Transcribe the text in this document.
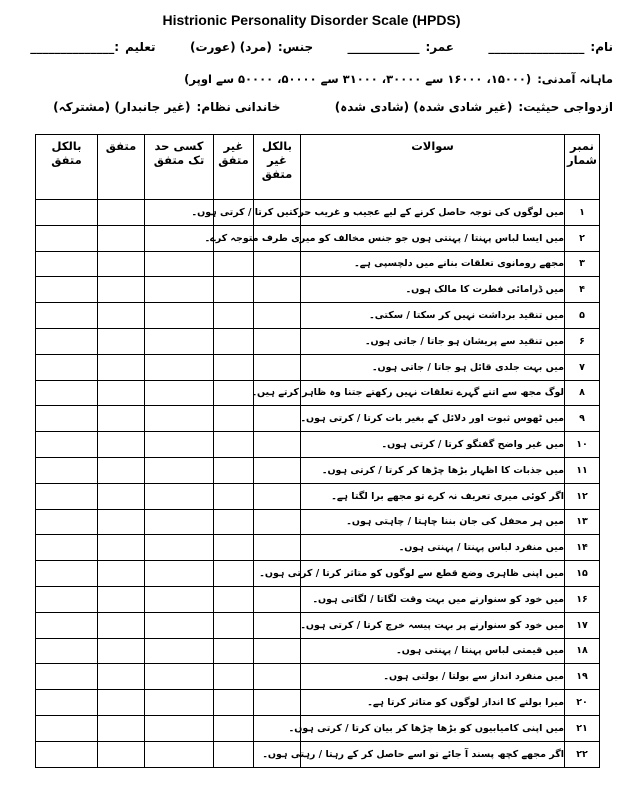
Histrionic Personality Disorder Scale (HPDS)
نام:________________  عمر:____________  جنس:(مرد) (عورت)  تعلیم:______________
ماہانہ آمدنی:(۱۵۰۰۰، ۱۶۰۰۰ سے ۳۰۰۰۰، ۳۱۰۰۰ سے ۵۰۰۰۰، ۵۰۰۰۰ سے اوپر)
ازدواجی حیثیت:(غیر شادی شدہ) (شادی شدہ)  خاندانی نظام:(غیر جانبدار) (مشترکہ)
نمبر شمار	سوالات	بالکل غیر متفق	غیر متفق	کسی حد تک متفق	متفق	بالکل متفق
۱	میں لوگوں کی توجہ حاصل کرنے کے لیے عجیب و غریب حرکتیں کرتا / کرتی ہوں۔					
۲	میں ایسا لباس پہنتا / پہنتی ہوں جو جنس مخالف کو میری طرف متوجہ کرے۔					
۳	مجھے رومانوی تعلقات بنانے میں دلچسپی ہے۔					
۴	میں ڈرامائی فطرت کا مالک ہوں۔					
۵	میں تنقید برداشت نہیں کر سکتا / سکتی۔					
۶	میں تنقید سے پریشان ہو جاتا / جاتی ہوں۔					
۷	میں بہت جلدی قائل ہو جاتا / جاتی ہوں۔					
۸	لوگ مجھ سے اتنے گہرے تعلقات نہیں رکھتے جتنا وہ ظاہر کرتے ہیں۔					
۹	میں ٹھوس ثبوت اور دلائل کے بغیر بات کرتا / کرتی ہوں۔					
۱۰	میں غیر واضح گفتگو کرتا / کرتی ہوں۔					
۱۱	میں جذبات کا اظہار بڑھا چڑھا کر کرتا / کرتی ہوں۔					
۱۲	اگر کوئی میری تعریف نہ کرے تو مجھے برا لگتا ہے۔					
۱۳	میں ہر محفل کی جان بننا چاہتا / چاہتی ہوں۔					
۱۴	میں منفرد لباس پہنتا / پہنتی ہوں۔					
۱۵	میں اپنی ظاہری وضع قطع سے لوگوں کو متاثر کرتا / کرتی ہوں۔					
۱۶	میں خود کو سنوارنے میں بہت وقت لگاتا / لگاتی ہوں۔					
۱۷	میں خود کو سنوارنے پر بہت پیسہ خرچ کرتا / کرتی ہوں۔					
۱۸	میں قیمتی لباس پہنتا / پہنتی ہوں۔					
۱۹	میں منفرد انداز سے بولتا / بولتی ہوں۔					
۲۰	میرا بولنے کا انداز لوگوں کو متاثر کرتا ہے۔					
۲۱	میں اپنی کامیابیوں کو بڑھا چڑھا کر بیان کرتا / کرتی ہوں۔					
۲۲	اگر مجھے کچھ پسند آ جائے تو اسے حاصل کر کے رہتا / رہتی ہوں۔					
